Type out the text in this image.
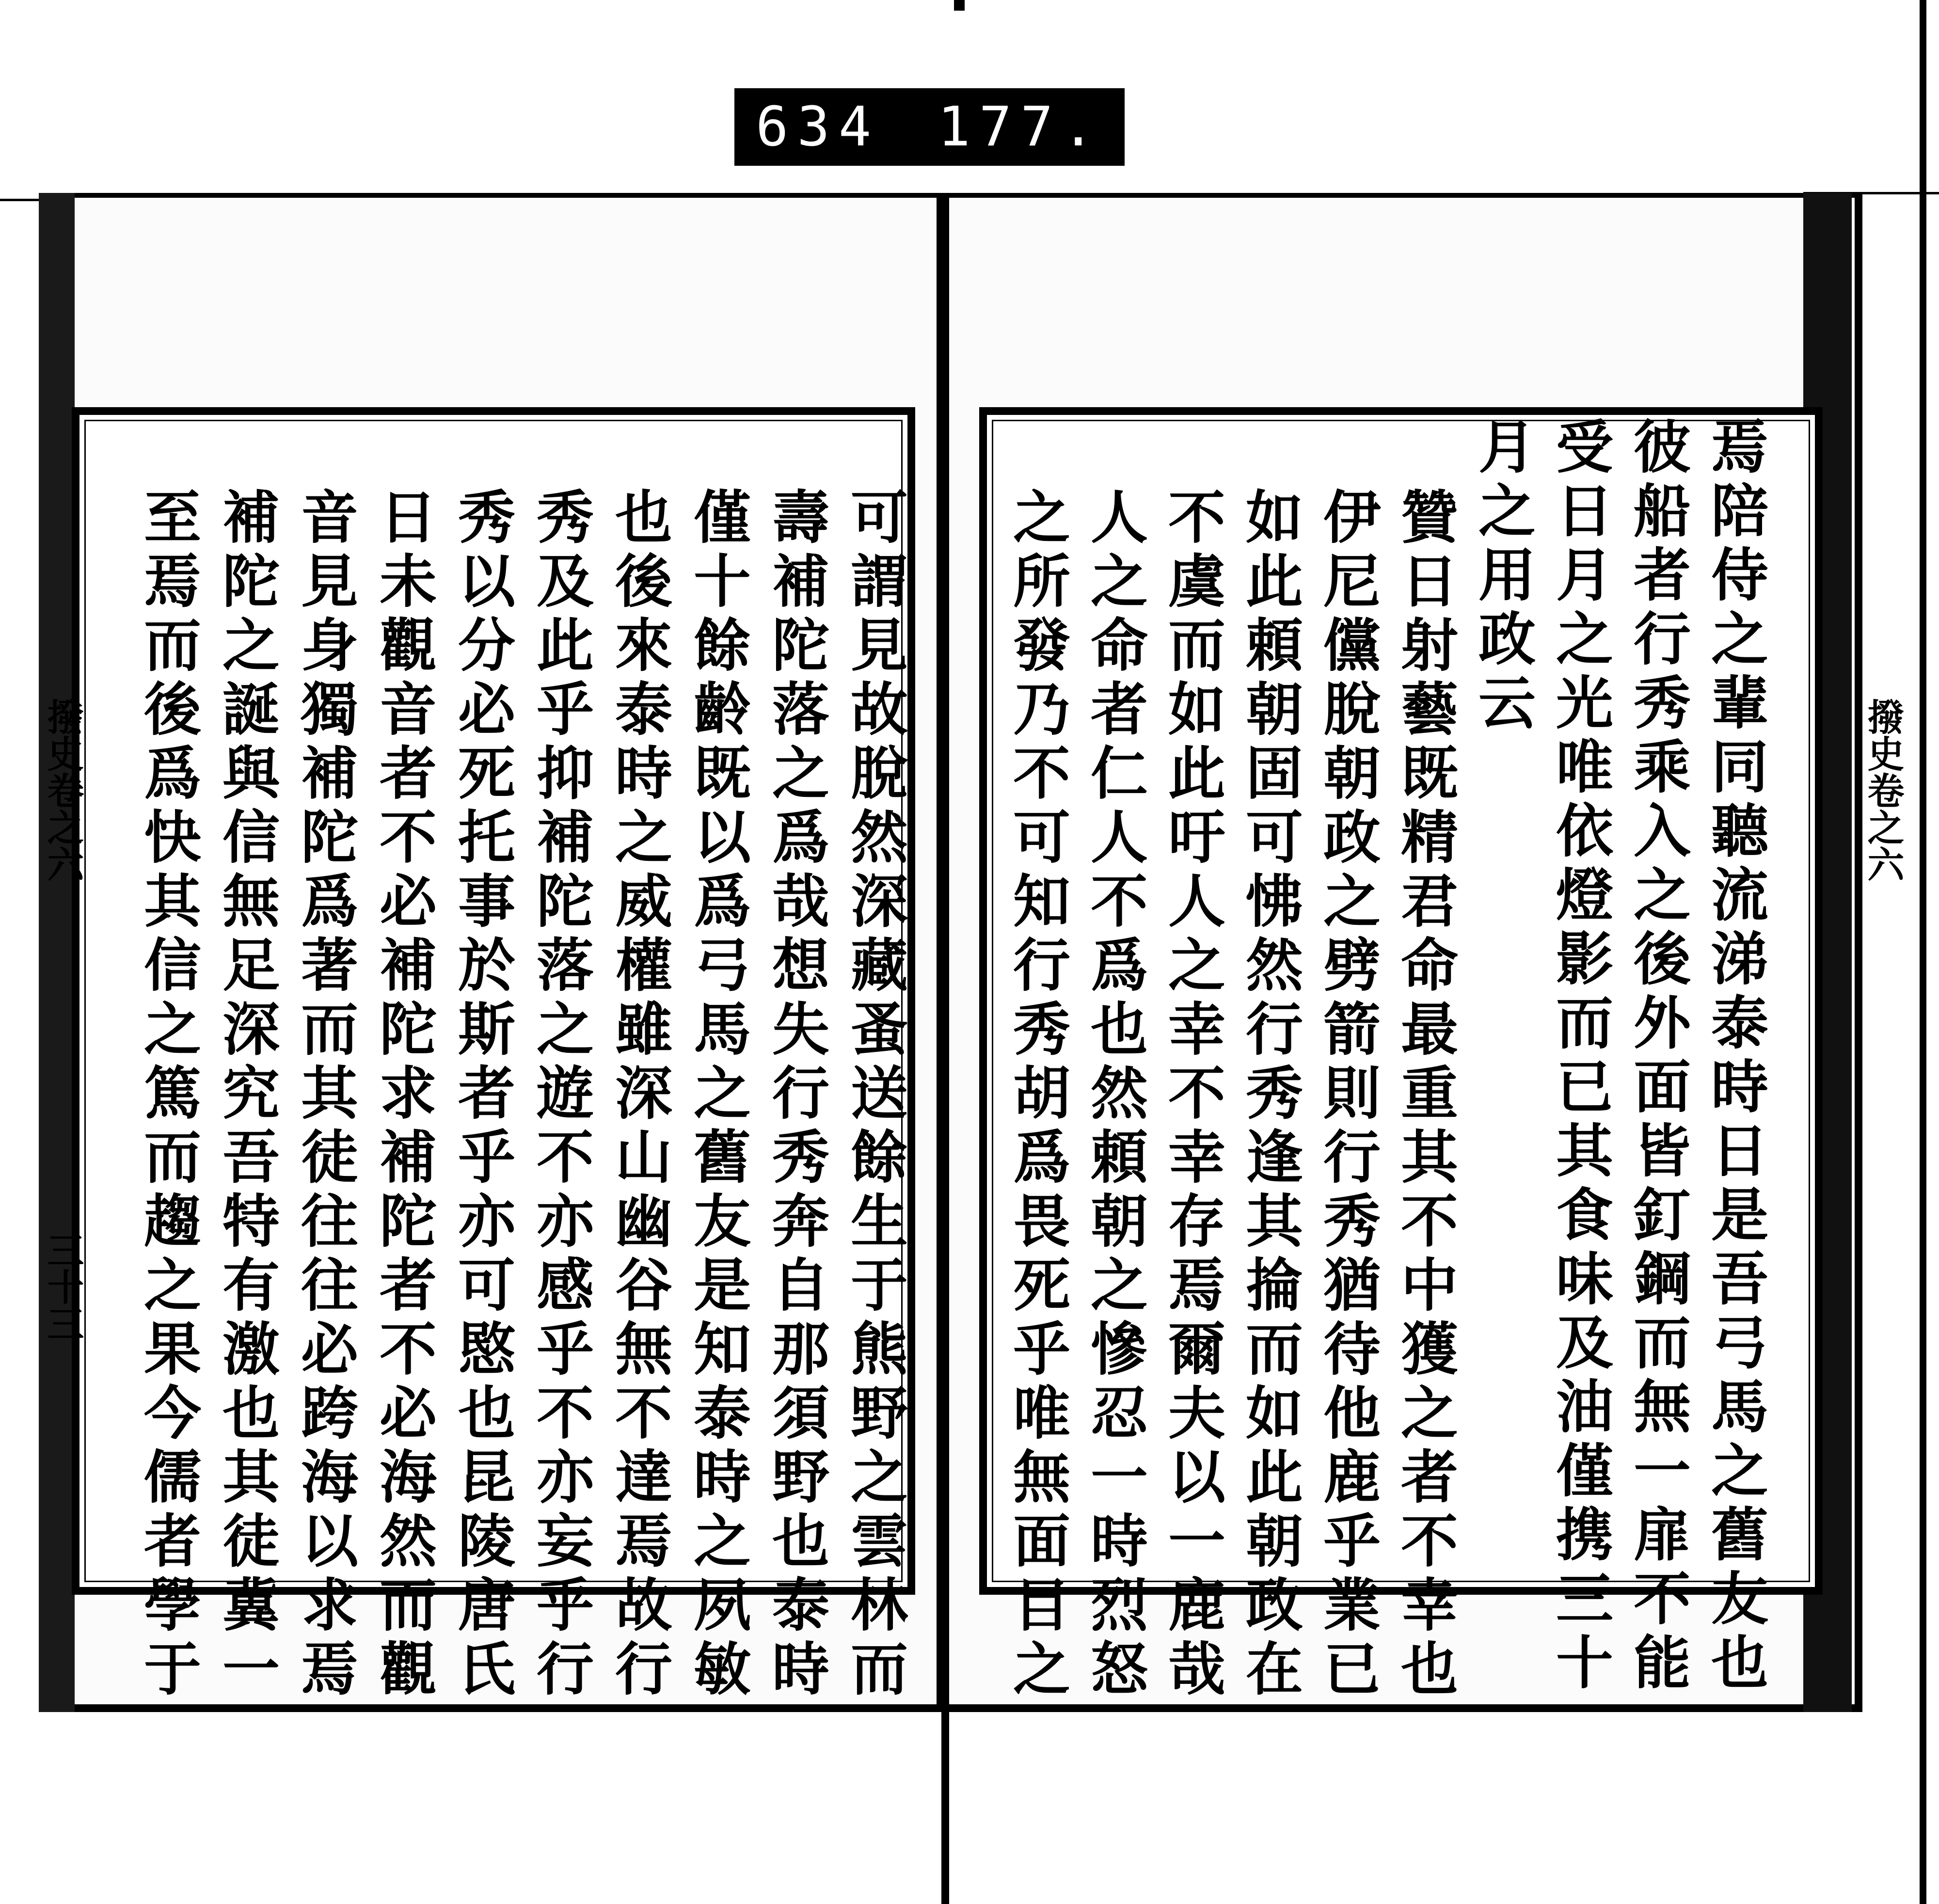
634 177.
撥史卷之六
三十三	可謂見故脫然深藏蚤送餘生于熊野之雲林而
壽補陀落之爲哉想失行秀奔自那須野也泰時
僅十餘齡既以爲弓馬之舊友是知泰時之夙敏
也後來泰時之威權雖深山幽谷無不達焉故行
秀及此乎抑補陀落之遊不亦感乎不亦妄乎行
秀以分必死托事於斯者乎亦可愍也昆陵唐氏
日未觀音者不必補陀求補陀者不必海然而觀
音見身獨補陀爲著而其徒往往必跨海以求焉
補陀之誕與信無足深究吾特有激也其徒冀一
至焉而後爲快其信之篤而趨之果今儒者學于	撥史卷之六
焉陪侍之輩同聽流涕泰時日是吾弓馬之舊友也
彼船者行秀乘入之後外面皆釘鋼而無一扉不能
受日月之光唯依燈影而已其食味及油僅携三十
月之用政云
贊日射藝既精君命最重其不中獲之者不幸也
伊尼儻脫朝政之劈箭則行秀猶待他鹿乎業已
如此頼朝固可怫然行秀逢其掄而如此朝政在
不虞而如此吁人之幸不幸存焉爾夫以一鹿哉
人之命者仁人不爲也然頼朝之慘忍一時烈怒
之所發乃不可知行秀胡爲畏死乎唯無面目之
